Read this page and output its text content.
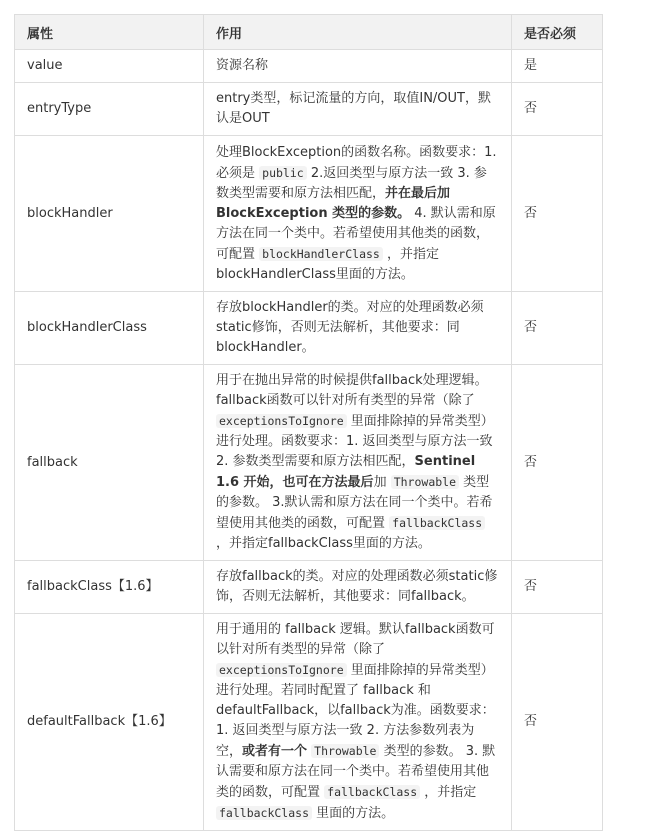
属性	作用	是否必须
value	资源名称	是
entryType	entry类型，标记流量的方向，取值IN/OUT，默认是OUT	否
blockHandler	处理BlockException的函数名称。函数要求：1. 必须是 public 2.返回类型与原方法一致 3. 参数类型需要和原方法相匹配，并在最后加 BlockException 类型的参数。 4. 默认需和原方法在同一个类中。若希望使用其他类的函数，可配置 blockHandlerClass ，并指定blockHandlerClass里面的方法。	否
blockHandlerClass	存放blockHandler的类。对应的处理函数必须static修饰，否则无法解析，其他要求：同blockHandler。	否
fallback	用于在抛出异常的时候提供fallback处理逻辑。fallback函数可以针对所有类型的异常（除了 exceptionsToIgnore 里面排除掉的异常类型）进行处理。函数要求：1. 返回类型与原方法一致 2. 参数类型需要和原方法相匹配，Sentinel 1.6 开始，也可在方法最后加 Throwable 类型的参数。 3.默认需和原方法在同一个类中。若希望使用其他类的函数，可配置 fallbackClass ，并指定fallbackClass里面的方法。	否
fallbackClass【1.6】	存放fallback的类。对应的处理函数必须static修饰，否则无法解析，其他要求：同fallback。	否
defaultFallback【1.6】	用于通用的 fallback 逻辑。默认fallback函数可以针对所有类型的异常（除了 exceptionsToIgnore 里面排除掉的异常类型）进行处理。若同时配置了 fallback 和 defaultFallback，以fallback为准。函数要求：1. 返回类型与原方法一致 2. 方法参数列表为空，或者有一个 Throwable 类型的参数。 3. 默认需要和原方法在同一个类中。若希望使用其他类的函数，可配置 fallbackClass ，并指定 fallbackClass 里面的方法。	否
